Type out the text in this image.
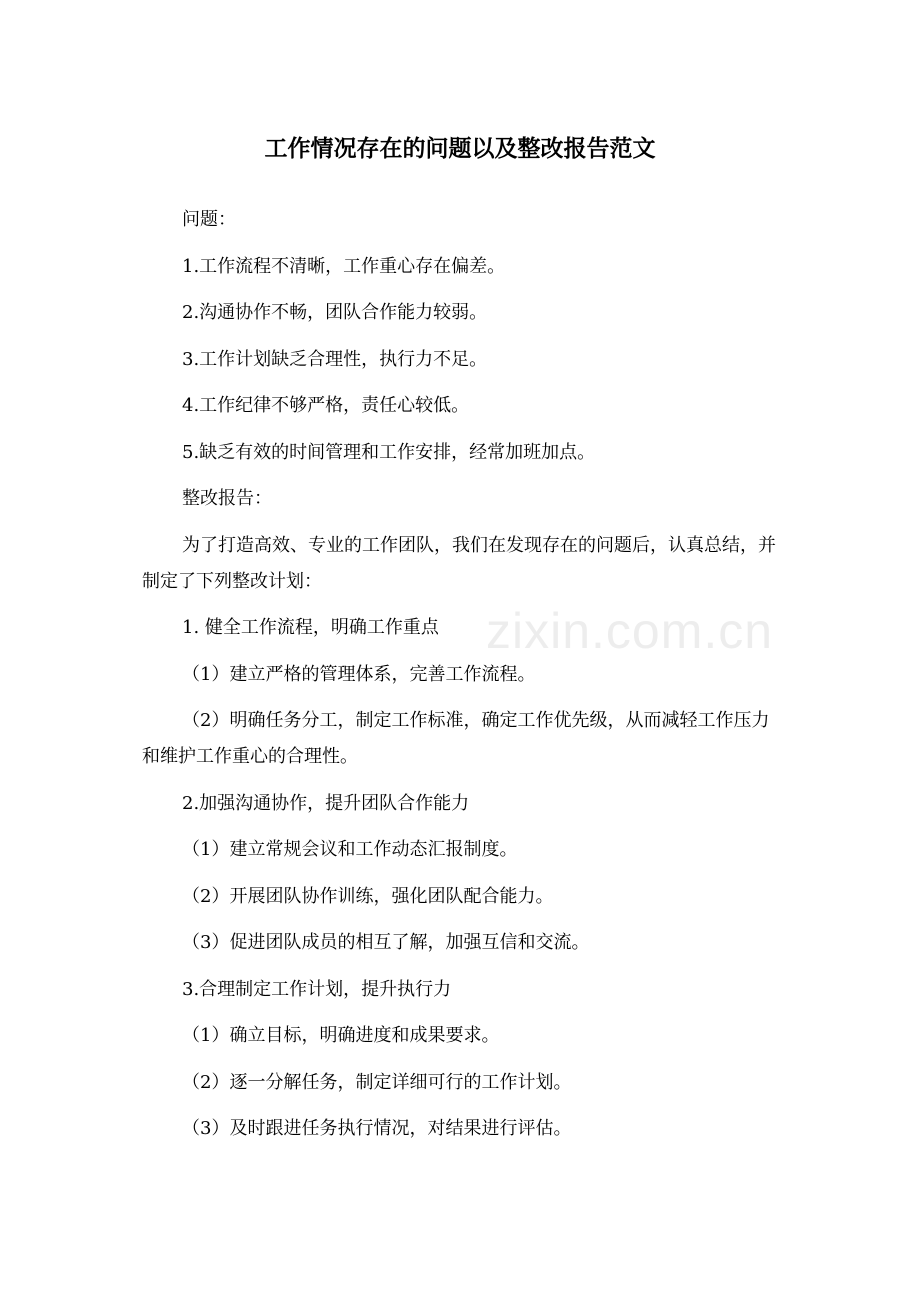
工作情况存在的问题以及整改报告范文

问题：

1.工作流程不清晰，工作重心存在偏差。

2.沟通协作不畅，团队合作能力较弱。

3.工作计划缺乏合理性，执行力不足。

4.工作纪律不够严格，责任心较低。

5.缺乏有效的时间管理和工作安排，经常加班加点。

整改报告：

为了打造高效、专业的工作团队，我们在发现存在的问题后，认真总结，并制定了下列整改计划：

1. 健全工作流程，明确工作重点

（1）建立严格的管理体系，完善工作流程。

（2）明确任务分工，制定工作标准，确定工作优先级，从而减轻工作压力和维护工作重心的合理性。

2.加强沟通协作，提升团队合作能力

（1）建立常规会议和工作动态汇报制度。

（2）开展团队协作训练，强化团队配合能力。

（3）促进团队成员的相互了解，加强互信和交流。

3.合理制定工作计划，提升执行力

（1）确立目标，明确进度和成果要求。

（2）逐一分解任务，制定详细可行的工作计划。

（3）及时跟进任务执行情况，对结果进行评估。

zixin.com.cn
